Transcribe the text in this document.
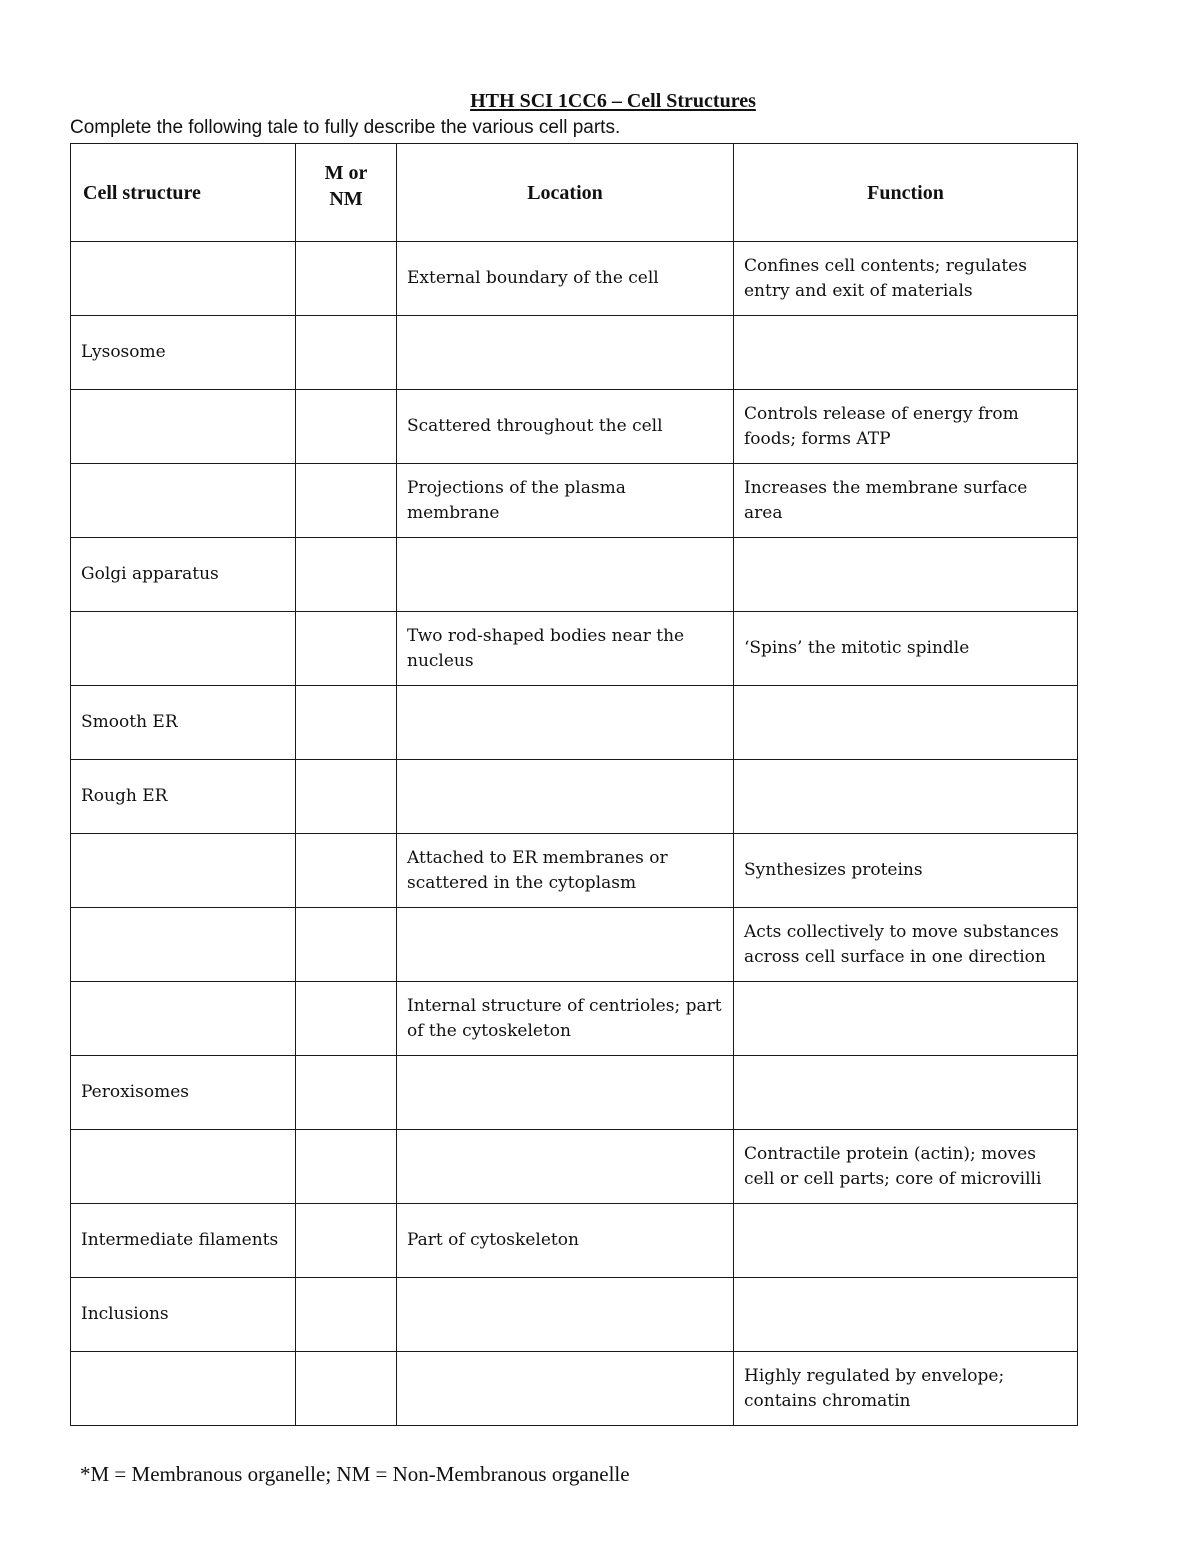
HTH SCI 1CC6 – Cell Structures
Complete the following tale to fully describe the various cell parts.
Cell structure	M or NM	Location	Function
		External boundary of the cell	Confines cell contents; regulates entry and exit of materials
Lysosome			
		Scattered throughout the cell	Controls release of energy from foods; forms ATP
		Projections of the plasma membrane	Increases the membrane surface area
Golgi apparatus			
		Two rod-shaped bodies near the nucleus	‘Spins’ the mitotic spindle
Smooth ER			
Rough ER			
		Attached to ER membranes or scattered in the cytoplasm	Synthesizes proteins
			Acts collectively to move substances across cell surface in one direction
		Internal structure of centrioles; part of the cytoskeleton	
Peroxisomes			
			Contractile protein (actin); moves cell or cell parts; core of microvilli
Intermediate filaments		Part of cytoskeleton	
Inclusions			
			Highly regulated by envelope; contains chromatin
*M = Membranous organelle; NM = Non-Membranous organelle
